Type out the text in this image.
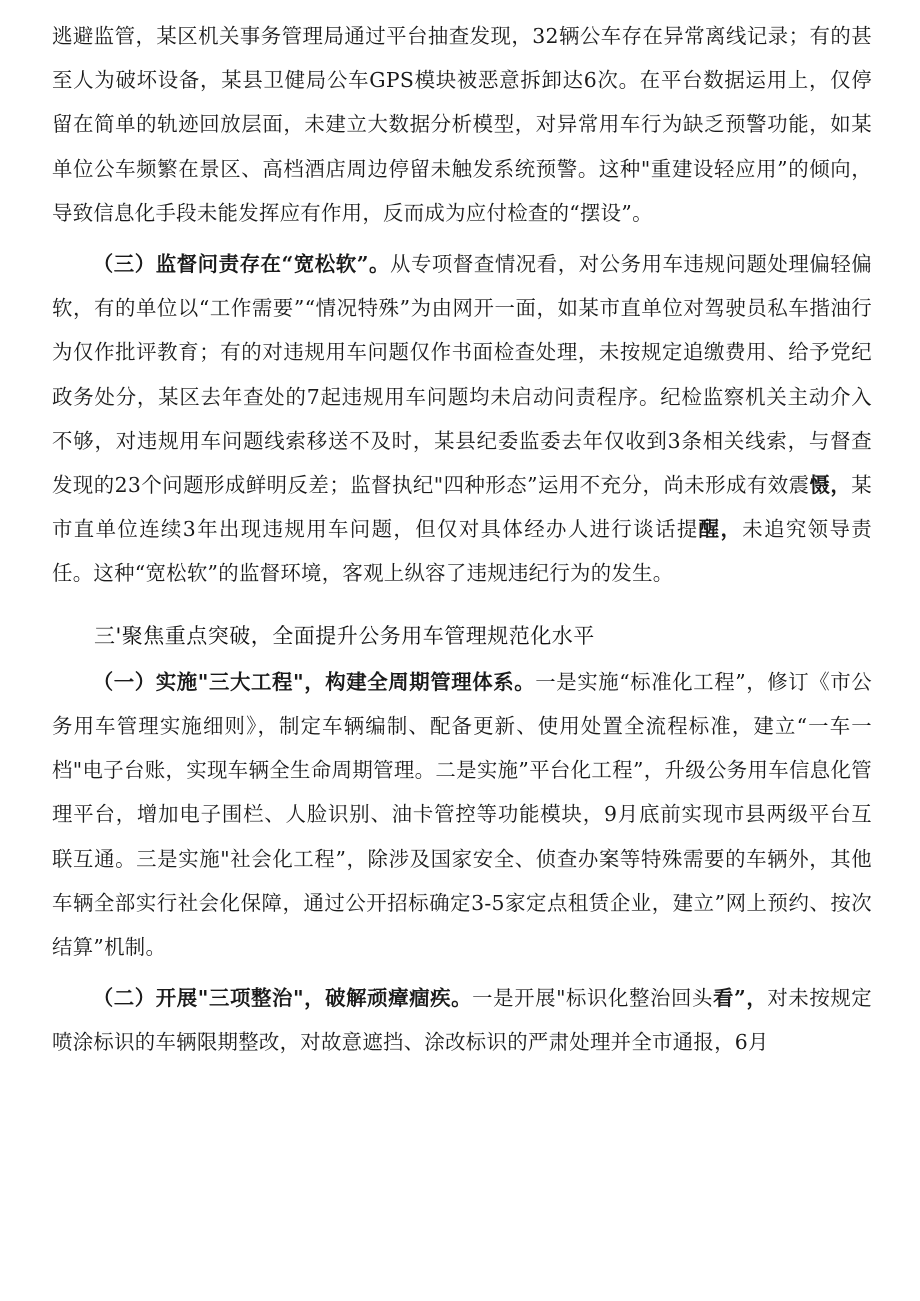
逃避监管，某区机关事务管理局通过平台抽查发现，32辆公车存在异常离线记录；有的甚至人为破坏设备，某县卫健局公车GPS模块被恶意拆卸达6次。在平台数据运用上，仅停留在简单的轨迹回放层面，未建立大数据分析模型，对异常用车行为缺乏预警功能，如某单位公车频繁在景区、高档酒店周边停留未触发系统预警。这种"重建设轻应用”的倾向，导致信息化手段未能发挥应有作用，反而成为应付检查的“摆设”。

（三）监督问责存在“宽松软”。从专项督查情况看，对公务用车违规问题处理偏轻偏软，有的单位以“工作需要”“情况特殊”为由网开一面，如某市直单位对驾驶员私车揩油行为仅作批评教育；有的对违规用车问题仅作书面检查处理，未按规定追缴费用、给予党纪政务处分，某区去年查处的7起违规用车问题均未启动问责程序。纪检监察机关主动介入不够，对违规用车问题线索移送不及时，某县纪委监委去年仅收到3条相关线索，与督查发现的23个问题形成鲜明反差；监督执纪"四种形态”运用不充分，尚未形成有效震慑，某市直单位连续3年出现违规用车问题，但仅对具体经办人进行谈话提醒，未追究领导责任。这种“宽松软”的监督环境，客观上纵容了违规违纪行为的发生。

三'聚焦重点突破，全面提升公务用车管理规范化水平

（一）实施"三大工程"，构建全周期管理体系。一是实施“标准化工程”，修订《市公务用车管理实施细则》，制定车辆编制、配备更新、使用处置全流程标准，建立“一车一档"电子台账，实现车辆全生命周期管理。二是实施”平台化工程”，升级公务用车信息化管理平台，增加电子围栏、人脸识别、油卡管控等功能模块，9月底前实现市县两级平台互联互通。三是实施"社会化工程”，除涉及国家安全、侦查办案等特殊需要的车辆外，其他车辆全部实行社会化保障，通过公开招标确定3-5家定点租赁企业，建立”网上预约、按次结算”机制。

（二）开展"三项整治"，破解顽瘴痼疾。一是开展"标识化整治回头看”，对未按规定喷涂标识的车辆限期整改，对故意遮挡、涂改标识的严肃处理并全市通报，6月
